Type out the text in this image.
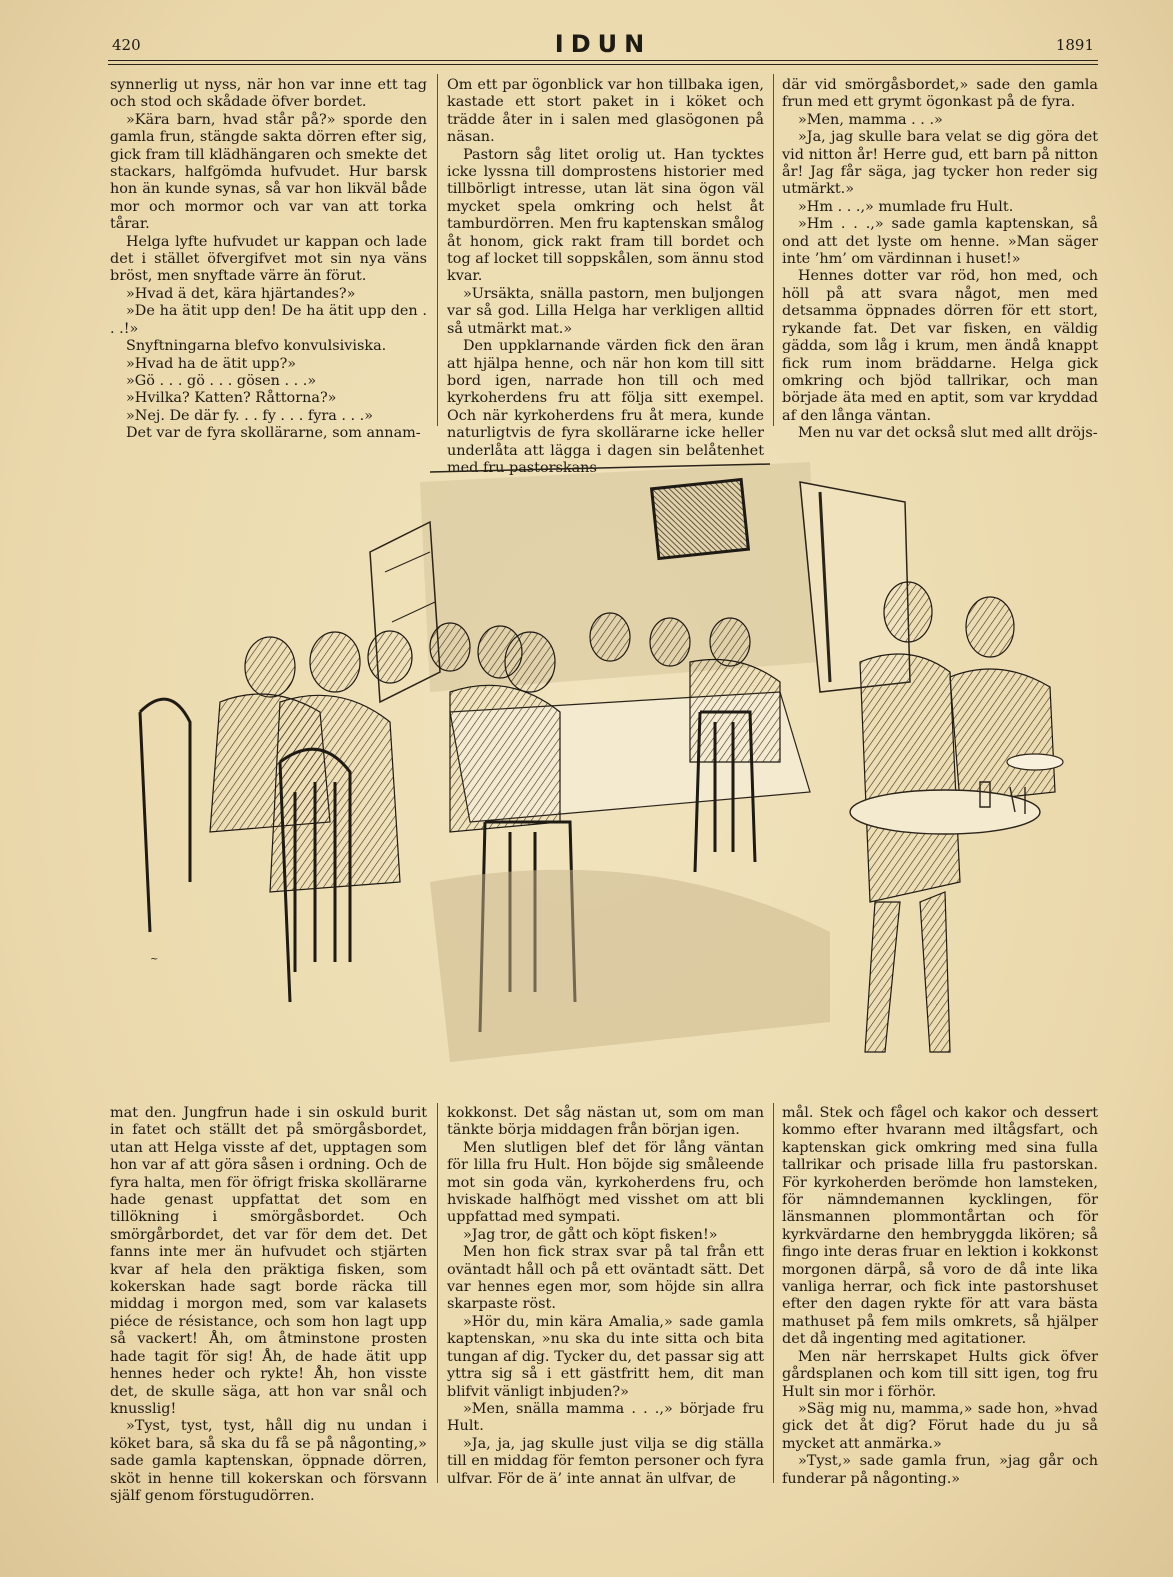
420	IDUN	1891

synnerlig ut nyss, när hon var inne ett tag och stod och skådade öfver bordet.

»Kära barn, hvad står på?» sporde den gamla frun, stängde sakta dörren efter sig, gick fram till klädhängaren och smekte det stackars, halfgömda hufvudet. Hur barsk hon än kunde synas, så var hon likväl både mor och mormor och var van att torka tårar.

Helga lyfte hufvudet ur kappan och lade det i stället öfvergifvet mot sin nya väns bröst, men snyftade värre än förut.

»Hvad ä det, kära hjärtandes?»

»De ha ätit upp den! De ha ätit upp den . . .!»

Snyftningarna blefvo konvulsiviska.

»Hvad ha de ätit upp?»

»Gö . . . gö . . . gösen . . .»

»Hvilka? Katten? Råttorna?»

»Nej. De där fy. . . fy . . . fyra . . .»

Det var de fyra skollärarne, som annam-

Om ett par ögonblick var hon tillbaka igen, kastade ett stort paket in i köket och trädde åter in i salen med glasögonen på näsan.

Pastorn såg litet orolig ut. Han tycktes icke lyssna till domprostens historier med tillbörligt intresse, utan lät sina ögon väl mycket spela omkring och helst åt tamburdörren. Men fru kaptenskan smålog åt honom, gick rakt fram till bordet och tog af locket till soppskålen, som ännu stod kvar.

»Ursäkta, snälla pastorn, men buljongen var så god. Lilla Helga har verkligen alltid så utmärkt mat.»

Den uppklarnande värden fick den äran att hjälpa henne, och när hon kom till sitt bord igen, narrade hon till och med kyrkoherdens fru att följa sitt exempel. Och när kyrkoherdens fru åt mera, kunde naturligtvis de fyra skollärarne icke heller underlåta att lägga i dagen sin belåtenhet med fru pastorskans

där vid smörgåsbordet,» sade den gamla frun med ett grymt ögonkast på de fyra.

»Men, mamma . . .»

»Ja, jag skulle bara velat se dig göra det vid nitton år! Herre gud, ett barn på nitton år! Jag får säga, jag tycker hon reder sig utmärkt.»

»Hm . . .,» mumlade fru Hult.

»Hm . . .,» sade gamla kaptenskan, så ond att det lyste om henne. »Man säger inte ’hm’ om värdinnan i huset!»

Hennes dotter var röd, hon med, och höll på att svara något, men med detsamma öppnades dörren för ett stort, rykande fat. Det var fisken, en väldig gädda, som låg i krum, men ändå knappt fick rum inom bräddarne. Helga gick omkring och bjöd tallrikar, och man började äta med en aptit, som var kryddad af den långa väntan.

Men nu var det också slut med allt dröjs-

~

mat den. Jungfrun hade i sin oskuld burit in fatet och ställt det på smörgåsbordet, utan att Helga visste af det, upptagen som hon var af att göra såsen i ordning. Och de fyra halta, men för öfrigt friska skollärarne hade genast uppfattat det som en tillökning i smörgåsbordet. Och smörgårbordet, det var för dem det. Det fanns inte mer än hufvudet och stjärten kvar af hela den präktiga fisken, som kokerskan hade sagt borde räcka till middag i morgon med, som var kalasets piéce de résistance, och som hon lagt upp så vackert! Åh, om åtminstone prosten hade tagit för sig! Åh, de hade ätit upp hennes heder och rykte! Åh, hon visste det, de skulle säga, att hon var snål och knusslig!

»Tyst, tyst, tyst, håll dig nu undan i köket bara, så ska du få se på någonting,» sade gamla kaptenskan, öppnade dörren, sköt in henne till kokerskan och försvann själf genom förstugudörren.

kokkonst. Det såg nästan ut, som om man tänkte börja middagen från början igen.

Men slutligen blef det för lång väntan för lilla fru Hult. Hon böjde sig småleende mot sin goda vän, kyrkoherdens fru, och hviskade halfhögt med visshet om att bli uppfattad med sympati.

»Jag tror, de gått och köpt fisken!»

Men hon fick strax svar på tal från ett oväntadt håll och på ett oväntadt sätt. Det var hennes egen mor, som höjde sin allra skarpaste röst.

»Hör du, min kära Amalia,» sade gamla kaptenskan, »nu ska du inte sitta och bita tungan af dig. Tycker du, det passar sig att yttra sig så i ett gästfritt hem, dit man blifvit vänligt inbjuden?»

»Men, snälla mamma . . .,» började fru Hult.

»Ja, ja, jag skulle just vilja se dig ställa till en middag för femton personer och fyra ulfvar. För de ä’ inte annat än ulfvar, de

mål. Stek och fågel och kakor och dessert kommo efter hvarann med iltågsfart, och kaptenskan gick omkring med sina fulla tallrikar och prisade lilla fru pastorskan. För kyrkoherden berömde hon lamsteken, för nämndemannen kycklingen, för länsmannen plommontårtan och för kyrkvärdarne den hembryggda likören; så fingo inte deras fruar en lektion i kokkonst morgonen därpå, så voro de då inte lika vanliga herrar, och fick inte pastorshuset efter den dagen rykte för att vara bästa mathuset på fem mils omkrets, så hjälper det då ingenting med agitationer.

Men när herrskapet Hults gick öfver gårdsplanen och kom till sitt igen, tog fru Hult sin mor i förhör.

»Säg mig nu, mamma,» sade hon, »hvad gick det åt dig? Förut hade du ju så mycket att anmärka.»

»Tyst,» sade gamla frun, »jag går och funderar på någonting.»
